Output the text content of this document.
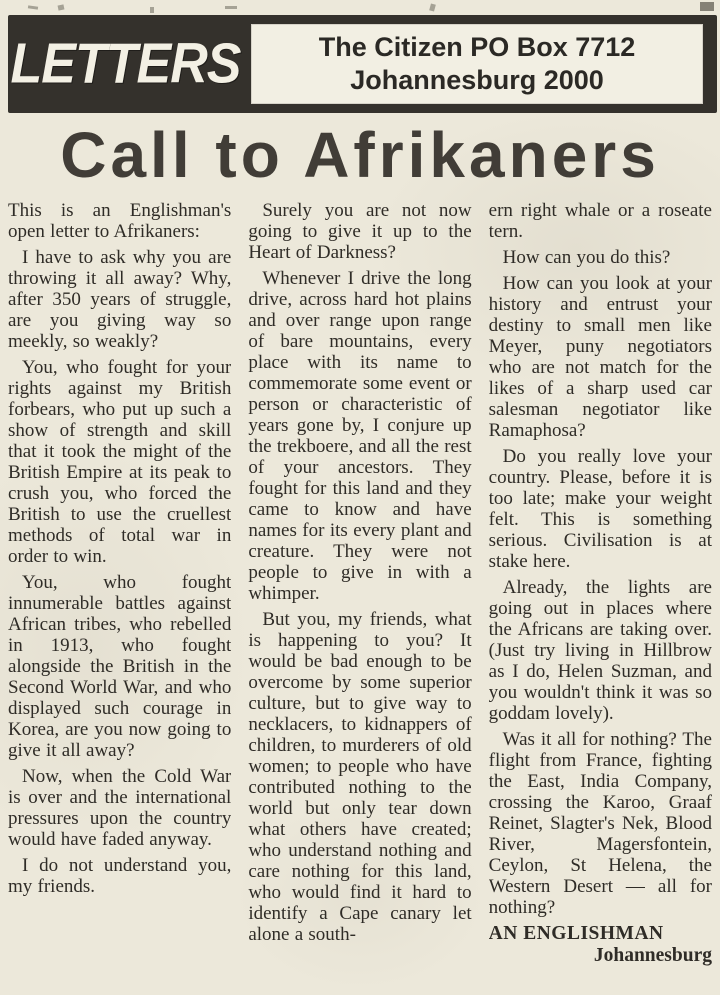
LETTERS	The Citizen PO Box 7712
Johannesburg 2000
Call to Afrikaners

This is an Englishman's open letter to Afrikaners:

I have to ask why you are throwing it all away? Why, after 350 years of struggle, are you giving way so meekly, so weakly?

You, who fought for your rights against my British forbears, who put up such a show of strength and skill that it took the might of the British Empire at its peak to crush you, who forced the British to use the cruellest methods of total war in order to win.

You, who fought innumerable battles against African tribes, who rebelled in 1913, who fought alongside the British in the Second World War, and who displayed such courage in Korea, are you now going to give it all away?

Now, when the Cold War is over and the international pressures upon the country would have faded anyway.

I do not understand you, my friends.

Surely you are not now going to give it up to the Heart of Darkness?

Whenever I drive the long drive, across hard hot plains and over range upon range of bare mountains, every place with its name to commemorate some event or person or characteristic of years gone by, I conjure up the trekboere, and all the rest of your ancestors. They fought for this land and they came to know and have names for its every plant and creature. They were not people to give in with a whimper.

But you, my friends, what is happening to you? It would be bad enough to be overcome by some superior culture, but to give way to necklacers, to kidnappers of children, to murderers of old women; to people who have contributed nothing to the world but only tear down what others have created; who understand nothing and care nothing for this land, who would find it hard to identify a Cape canary let alone a south-

ern right whale or a roseate tern.

How can you do this?

How can you look at your history and entrust your destiny to small men like Meyer, puny negotiators who are not match for the likes of a sharp used car salesman negotiator like Ramaphosa?

Do you really love your country. Please, before it is too late; make your weight felt. This is something serious. Civilisation is at stake here.

Already, the lights are going out in places where the Africans are taking over. (Just try living in Hillbrow as I do, Helen Suzman, and you wouldn't think it was so goddam lovely).

Was it all for nothing? The flight from France, fighting the East, India Company, crossing the Karoo, Graaf Reinet, Slagter's Nek, Blood River, Magersfontein, Ceylon, St Helena, the Western Desert — all for nothing?

AN ENGLISHMAN
Johannesburg
